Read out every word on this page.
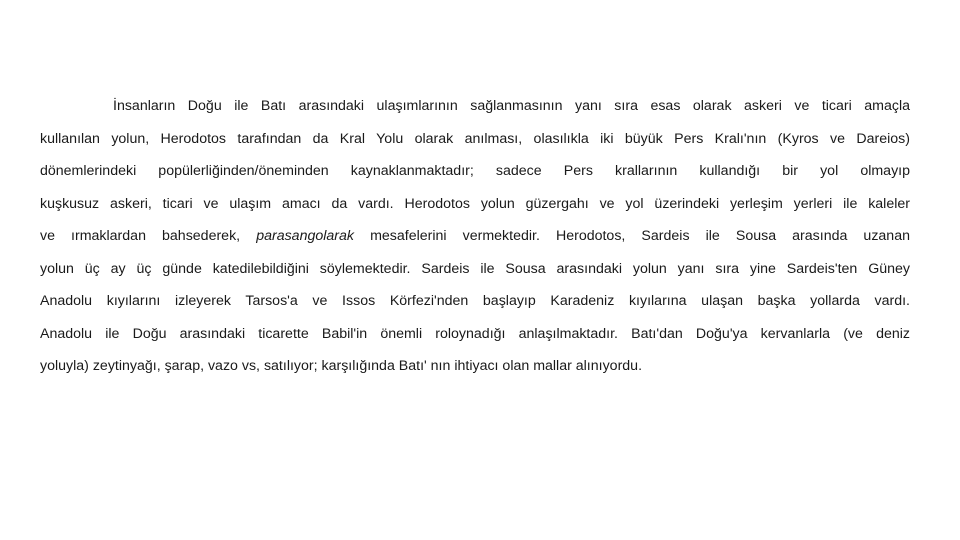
İnsanların Doğu ile Batı arasındaki ulaşımlarının sağlanmasının yanı sıra esas olarak askeri ve ticari amaçla
kullanılan yolun, Herodotos tarafından da Kral Yolu olarak anılması, olasılıkla iki büyük Pers Kralı'nın (Kyros ve Dareios)
dönemlerindeki popülerliğinden/öneminden kaynaklanmaktadır; sadece Pers krallarının kullandığı bir yol olmayıp
kuşkusuz askeri, ticari ve ulaşım amacı da vardı. Herodotos yolun güzergahı ve yol üzerindeki yerleşim yerleri ile kaleler
ve ırmaklardan bahsederek, parasangolarak mesafelerini vermektedir. Herodotos, Sardeis ile Sousa arasında uzanan
yolun üç ay üç günde katedilebildiğini söylemektedir. Sardeis ile Sousa arasındaki yolun yanı sıra yine Sardeis'ten Güney
Anadolu kıyılarını izleyerek Tarsos'a ve Issos Körfezi'nden başlayıp Karadeniz kıyılarına ulaşan başka yollarda vardı.
Anadolu ile Doğu arasındaki ticarette Babil'in önemli roloynadığı anlaşılmaktadır. Batı'dan Doğu'ya kervanlarla (ve deniz
yoluyla) zeytinyağı, şarap, vazo vs, satılıyor; karşılığında Batı' nın ihtiyacı olan mallar alınıyordu.
